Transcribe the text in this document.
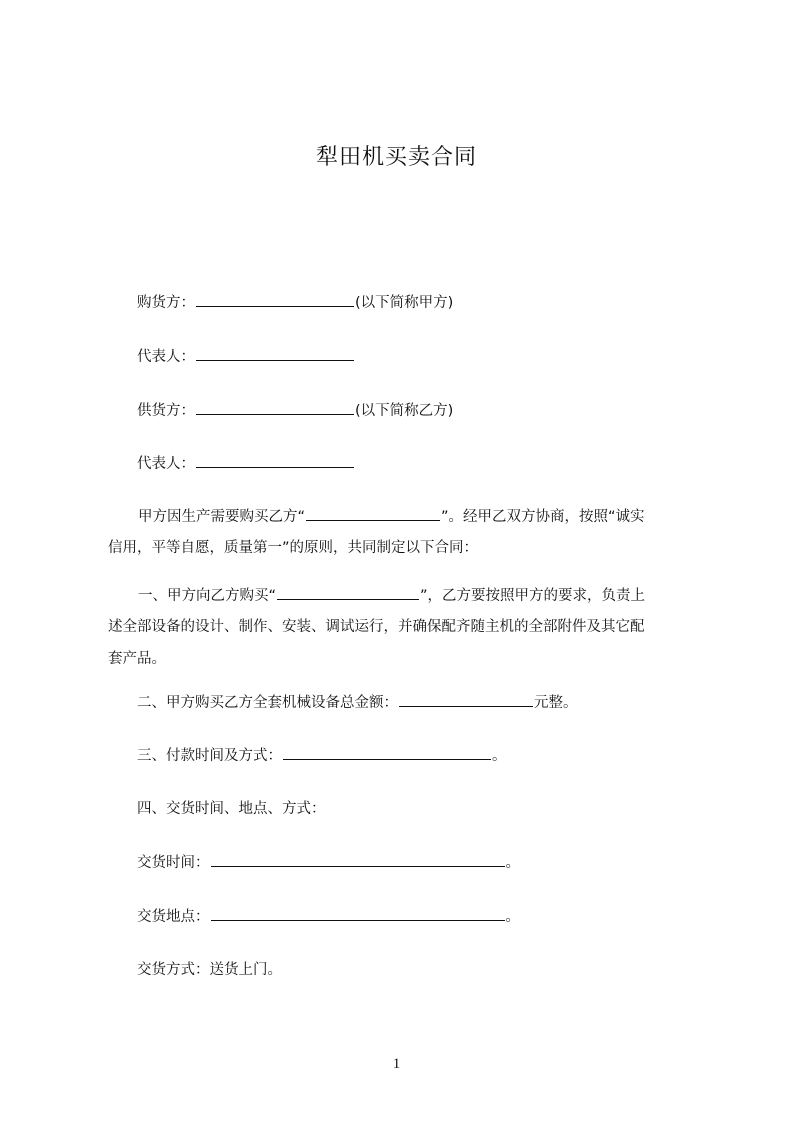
犁田机买卖合同
购货方：	(以下简称甲方)
代表人：
供货方：	(以下简称乙方)
代表人：
甲方因生产需要购买乙方“	”。经甲乙双方协商，按照“诚实
信用，平等自愿，质量第一”的原则，共同制定以下合同：
一、甲方向乙方购买“	”，乙方要按照甲方的要求，负责上
述全部设备的设计、制作、安装、调试运行，并确保配齐随主机的全部附件及其它配
套产品。
二、甲方购买乙方全套机械设备总金额：	元整。
三、付款时间及方式：	。
四、交货时间、地点、方式：
交货时间：	。
交货地点：	。
交货方式：送货上门。
1
